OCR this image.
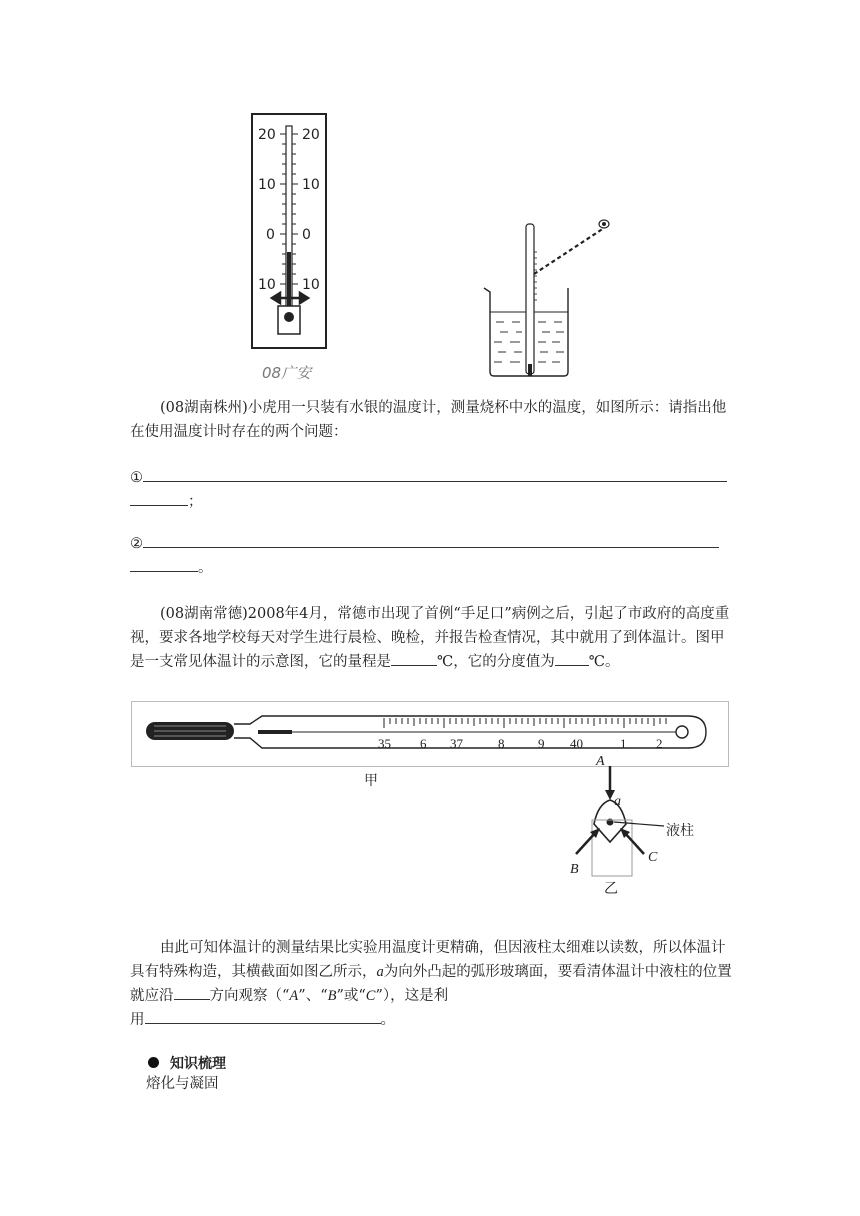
20
10
0
10
20
10
0
10
08广安
(08湖南株州)小虎用一只装有水银的温度计，测量烧杯中水的温度，如图所示：请指出他在使用温度计时存在的两个问题：
①
；
②
。
(08湖南常德)2008年4月，常德市出现了首例“手足口”病例之后，引起了市政府的高度重视，要求各地学校每天对学生进行晨检、晚检，并报告检查情况，其中就用了到体温计。图甲是一支常见体温计的示意图，它的量程是	℃，它的分度值为 ℃。
35 6 37	8	9 40	1 2
甲
A
a
液柱
B
C
乙
由此可知体温计的测量结果比实验用温度计更精确，但因液柱太细难以读数，所以体温计具有特殊构造，其横截面如图乙所示，a为向外凸起的弧形玻璃面，要看清体温计中液柱的位置就应沿 方向观察（“A”、“B”或“C”），这是利
用	。
知识梳理
熔化与凝固
